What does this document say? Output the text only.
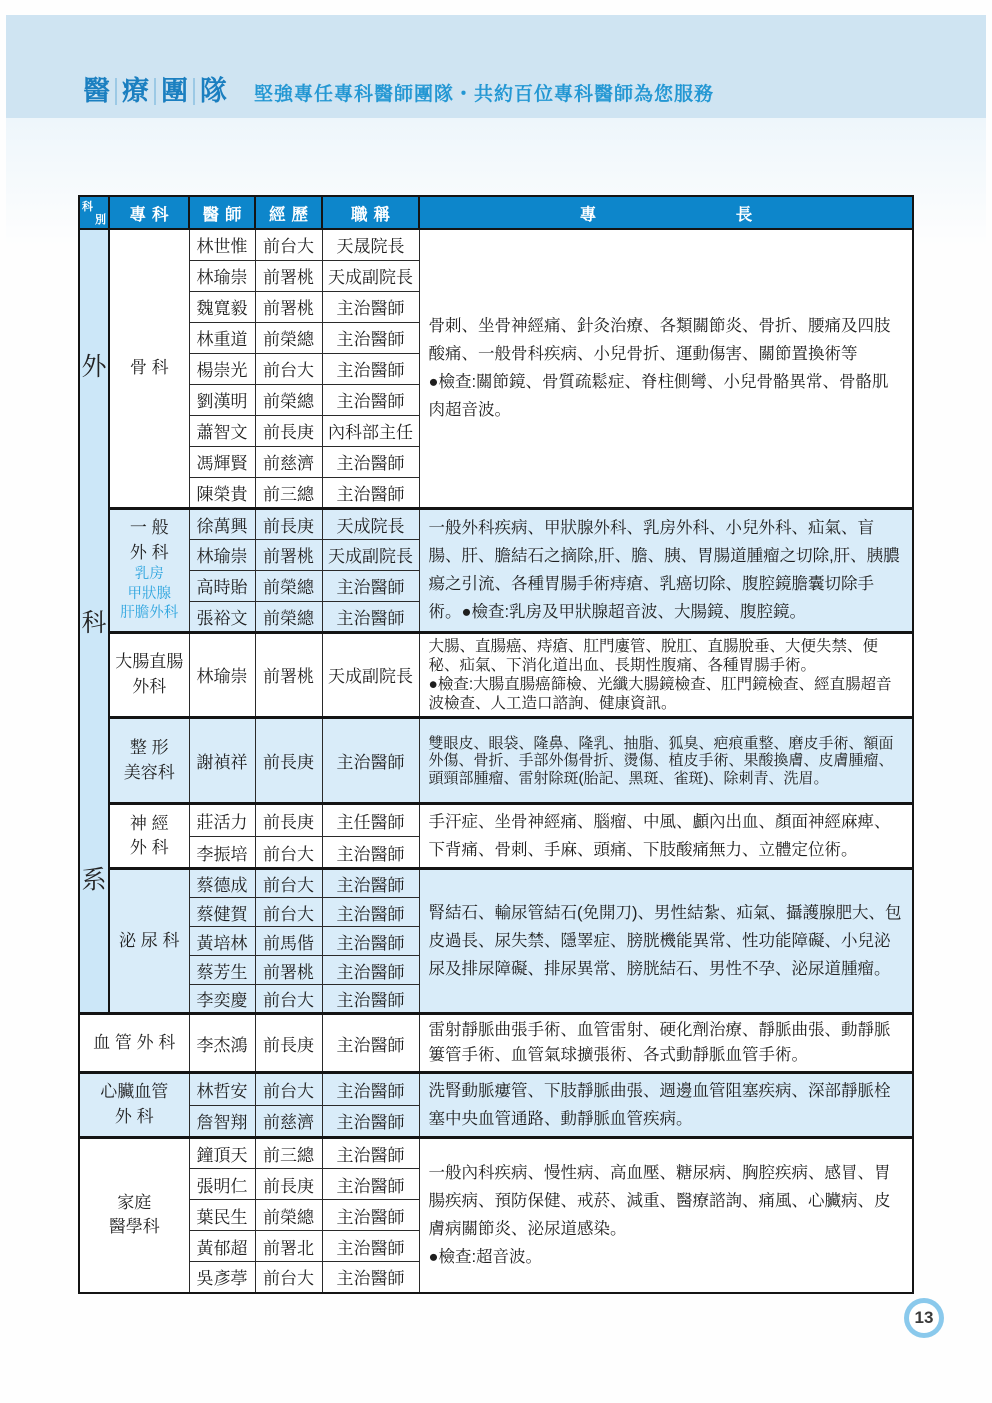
醫 療 團 隊 堅強專任專科醫師團隊・共約百位專科醫師為您服務
科
別	專科	醫師	經歷	職稱	專 長

外
科
系	骨 科	林世惟	前台大	天晟院長	骨刺、坐骨神經痛、針灸治療、各類關節炎、骨折、腰痛及四肢酸痛、一般骨科疾病、小兒骨折、運動傷害、關節置換術等
●檢查:關節鏡、骨質疏鬆症、脊柱側彎、小兒骨骼異常、骨骼肌肉超音波。

		林瑜崇	前署桃	天成副院長	
		魏寬毅	前署桃	主治醫師	
		林重道	前榮總	主治醫師	
		楊崇光	前台大	主治醫師	
		劉漢明	前榮總	主治醫師	
		蕭智文	前長庚	內科部主任	
		馮輝賢	前慈濟	主治醫師	
		陳榮貴	前三總	主治醫師	

	一 般
外 科
乳房
甲狀腺
肝膽外科	徐萬興	前長庚	天成院長	一般外科疾病、甲狀腺外科、乳房外科、小兒外科、疝氣、盲腸、肝、膽結石之摘除,肝、膽、胰、胃腸道腫瘤之切除,肝、胰膿瘍之引流、各種胃腸手術痔瘡、乳癌切除、腹腔鏡膽囊切除手術。●檢查:乳房及甲狀腺超音波、大腸鏡、腹腔鏡。
		林瑜崇	前署桃	天成副院長	
		高時貽	前榮總	主治醫師	
		張裕文	前榮總	主治醫師	

	大腸直腸
外科	林瑜崇	前署桃	天成副院長	大腸、直腸癌、痔瘡、肛門廔管、脫肛、直腸脫垂、大便失禁、便秘、疝氣、下消化道出血、長期性腹痛、各種胃腸手術。
●檢查:大腸直腸癌篩檢、光纖大腸鏡檢查、肛門鏡檢查、經直腸超音波檢查、人工造口諮詢、健康資訊。

	整 形
美容科	謝禎祥	前長庚	主治醫師	雙眼皮、眼袋、隆鼻、隆乳、抽脂、狐臭、疤痕重整、磨皮手術、額面外傷、骨折、手部外傷骨折、燙傷、植皮手術、果酸換膚、皮膚腫瘤、頭頸部腫瘤、雷射除斑(胎記、黑斑、雀斑)、除刺青、洗眉。

	神 經
外 科	莊活力	前長庚	主任醫師	手汗症、坐骨神經痛、腦瘤、中風、顱內出血、顏面神經麻痺、下背痛、骨刺、手麻、頭痛、下肢酸痛無力、立體定位術。
		李振培	前台大	主治醫師	

	泌 尿 科	蔡德成	前台大	主治醫師	腎結石、輸尿管結石(免開刀)、男性結紮、疝氣、攝護腺肥大、包皮過長、尿失禁、隱睪症、膀胱機能異常、性功能障礙、小兒泌尿及排尿障礙、排尿異常、膀胱結石、男性不孕、泌尿道腫瘤。
		蔡健賀	前台大	主治醫師	
		黃培林	前馬偕	主治醫師	
		蔡芳生	前署桃	主治醫師	
		李奕慶	前台大	主治醫師	

血 管 外 科		李杰鴻	前長庚	主治醫師	雷射靜脈曲張手術、血管雷射、硬化劑治療、靜脈曲張、動靜脈簍管手術、血管氣球擴張術、各式動靜脈血管手術。

心臟血管
外 科		林哲安	前台大	主治醫師	洗腎動脈瘻管、下肢靜脈曲張、週邊血管阻塞疾病、深部靜脈栓塞中央血管通路、動靜脈血管疾病。
		詹智翔	前慈濟	主治醫師	

家庭
醫學科		鐘頂天	前三總	主治醫師	一般內科疾病、慢性病、高血壓、糖尿病、胸腔疾病、感冒、胃腸疾病、預防保健、戒菸、減重、醫療諮詢、痛風、心臟病、皮膚病關節炎、泌尿道感染。
●檢查:超音波。

		張明仁	前長庚	主治醫師	
		葉民生	前榮總	主治醫師	
		黃郁超	前署北	主治醫師	
		吳彥葶	前台大	主治醫師	
13
